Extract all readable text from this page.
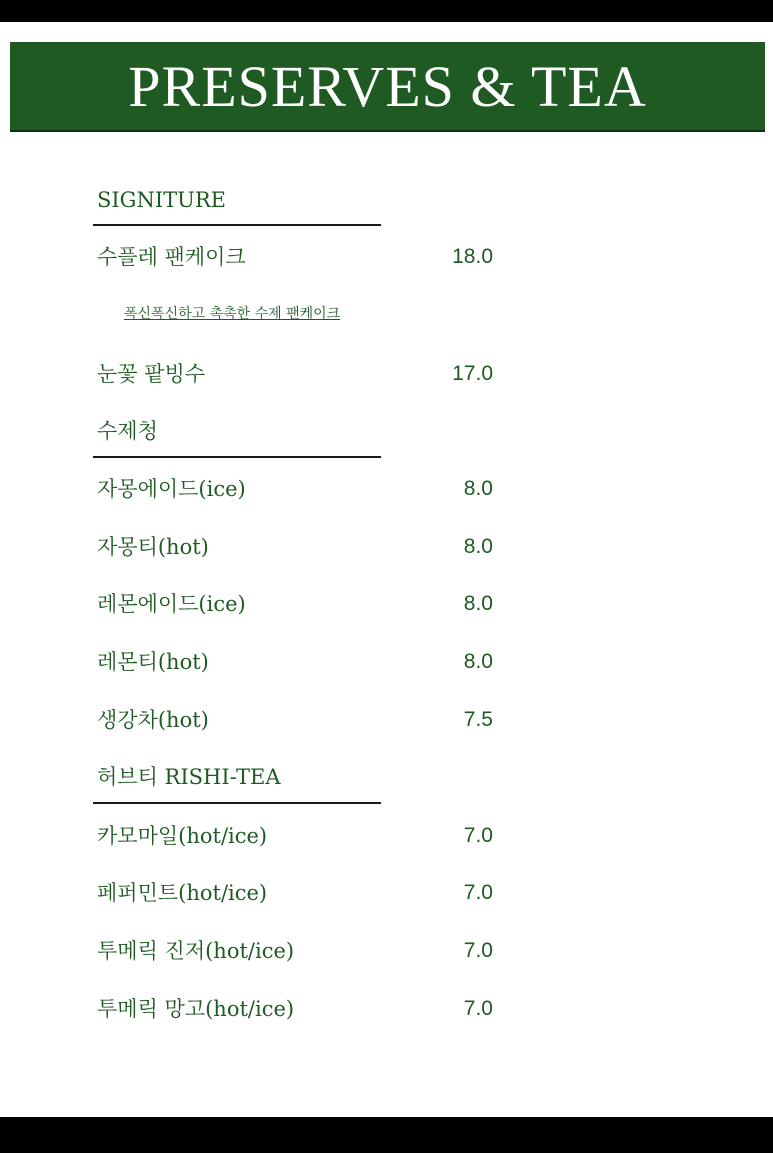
PRESERVES & TEA
SIGNITURE
수플레 팬케이크	18.0
폭신폭신하고 촉촉한 수제 팬케이크
눈꽃 팥빙수	17.0
수제청
자몽에이드(ice)	8.0
자몽티(hot)	8.0
레몬에이드(ice)	8.0
레몬티(hot)	8.0
생강차(hot)	7.5
허브티 RISHI-TEA
카모마일(hot/ice)	7.0
페퍼민트(hot/ice)	7.0
투메릭 진저(hot/ice)	7.0
투메릭 망고(hot/ice)	7.0
